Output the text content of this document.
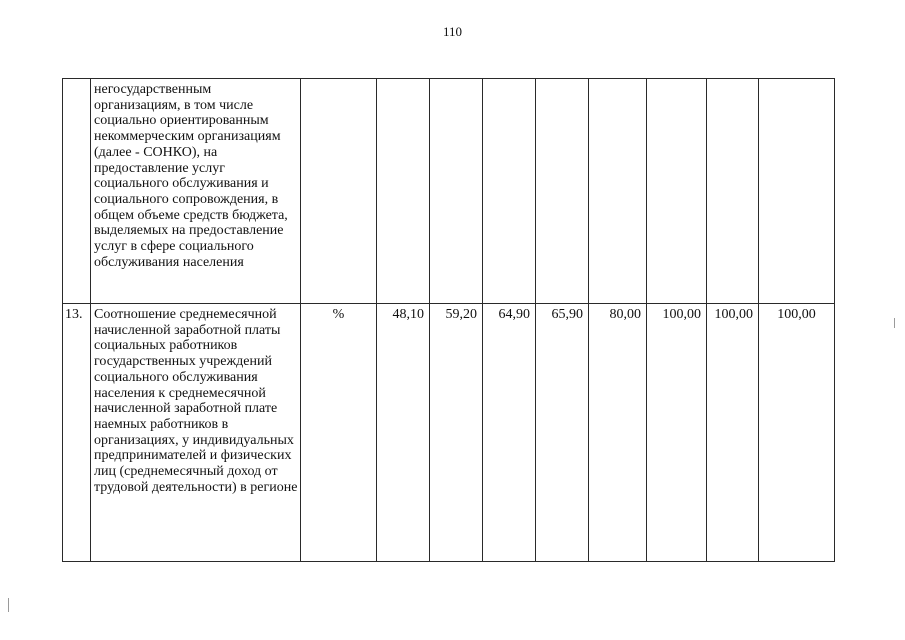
110
	негосударственным организациям, в том числе социально ориентированным некоммерческим организациям (далее - СОНКО), на предоставление услуг социального обслуживания и социального сопровождения, в общем объеме средств бюджета, выделяемых на предоставление услуг в сфере социального обслуживания населения									
13.	Соотношение среднемесячной начисленной заработной платы социальных работников государственных учреждений социального обслуживания населения к среднемесячной начисленной заработной плате наемных работников в организациях, у индивидуальных предпринимателей и физических лиц (среднемесячный доход от трудовой деятельности) в регионе	%	48,10	59,20	64,90	65,90	80,00	100,00	100,00	100,00
